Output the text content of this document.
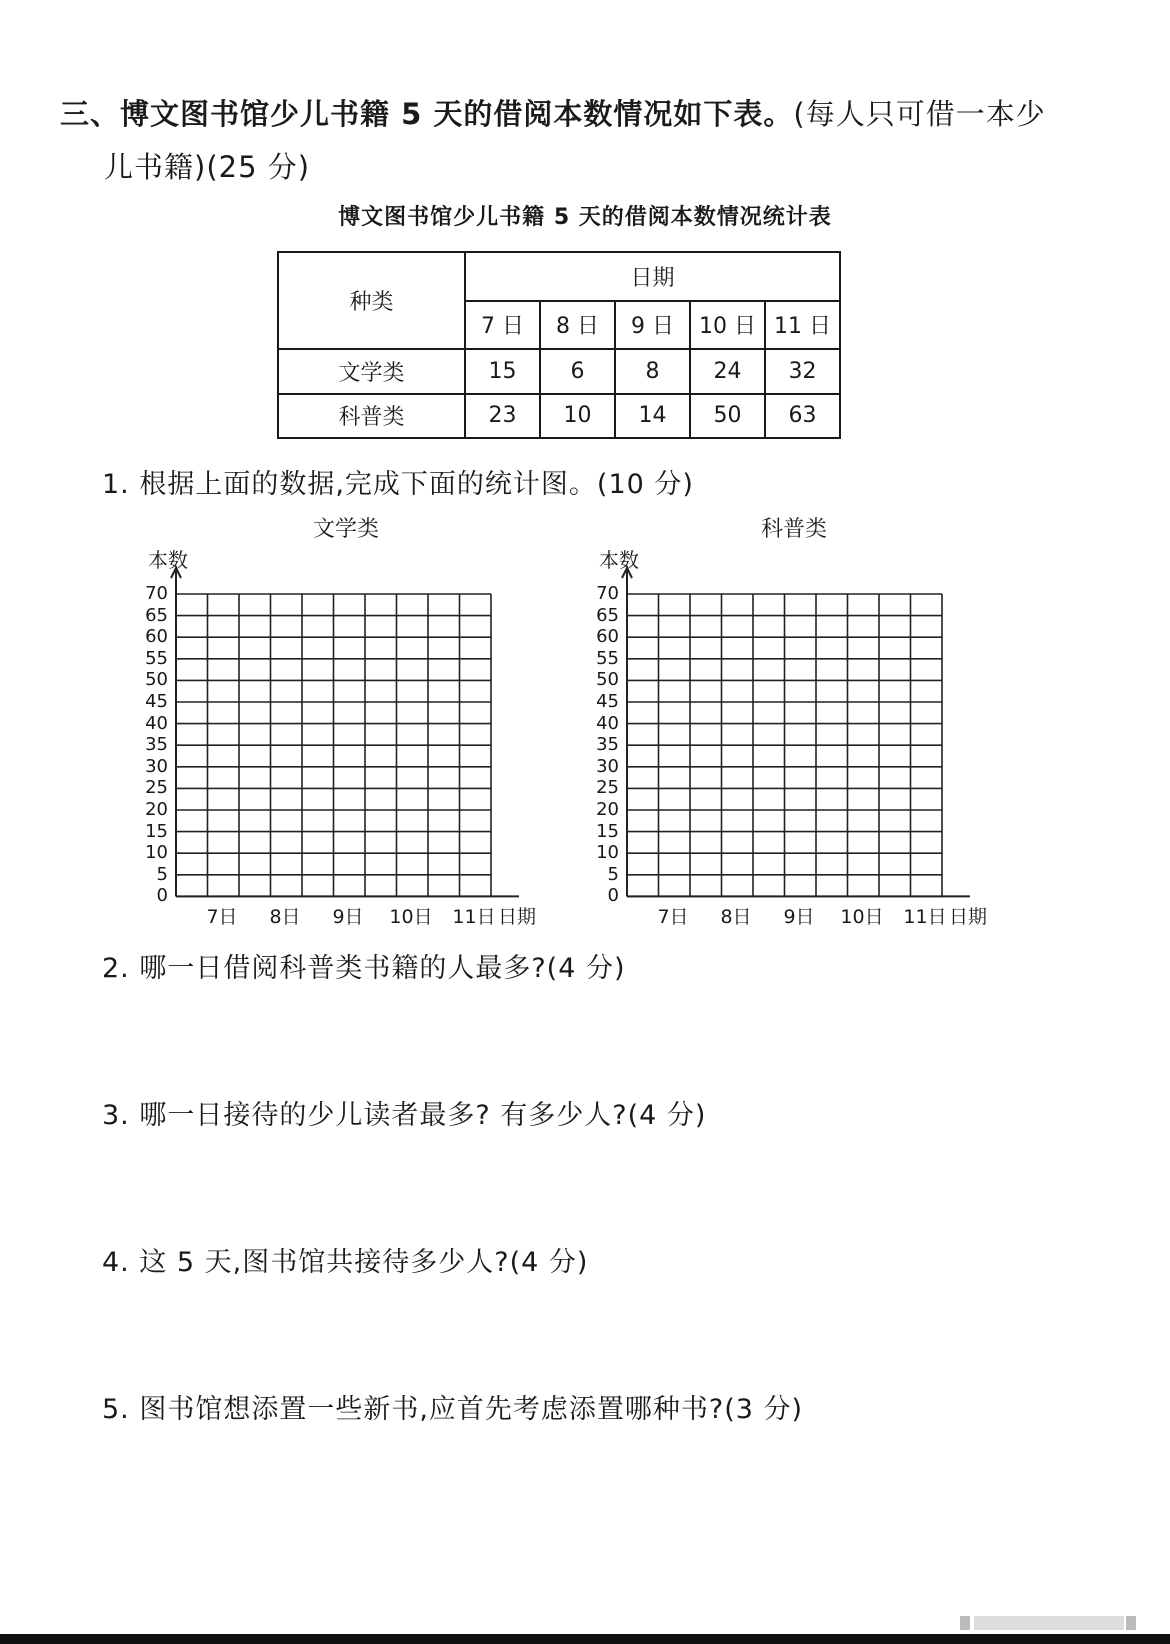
三、博文图书馆少儿书籍 5 天的借阅本数情况如下表。(每人只可借一本少
儿书籍)(25 分)
博文图书馆少儿书籍 5 天的借阅本数情况统计表
种类	日期				
	7 日	8 日	9 日	10 日	11 日
文学类	15	6	8	24	32
科普类	23	10	14	50	63
1. 根据上面的数据,完成下面的统计图。(10 分)
文学类
本数
0
5
10
15
20
25
30
35
40
45
50
55
60
65
70
7日	8日	9日	10日	11日 日期
科普类
本数
0
5
10
15
20
25
30
35
40
45
50
55
60
65
70
7日	8日	9日	10日	11日 日期
2. 哪一日借阅科普类书籍的人最多?(4 分)
3. 哪一日接待的少儿读者最多? 有多少人?(4 分)
4. 这 5 天,图书馆共接待多少人?(4 分)
5. 图书馆想添置一些新书,应首先考虑添置哪种书?(3 分)
